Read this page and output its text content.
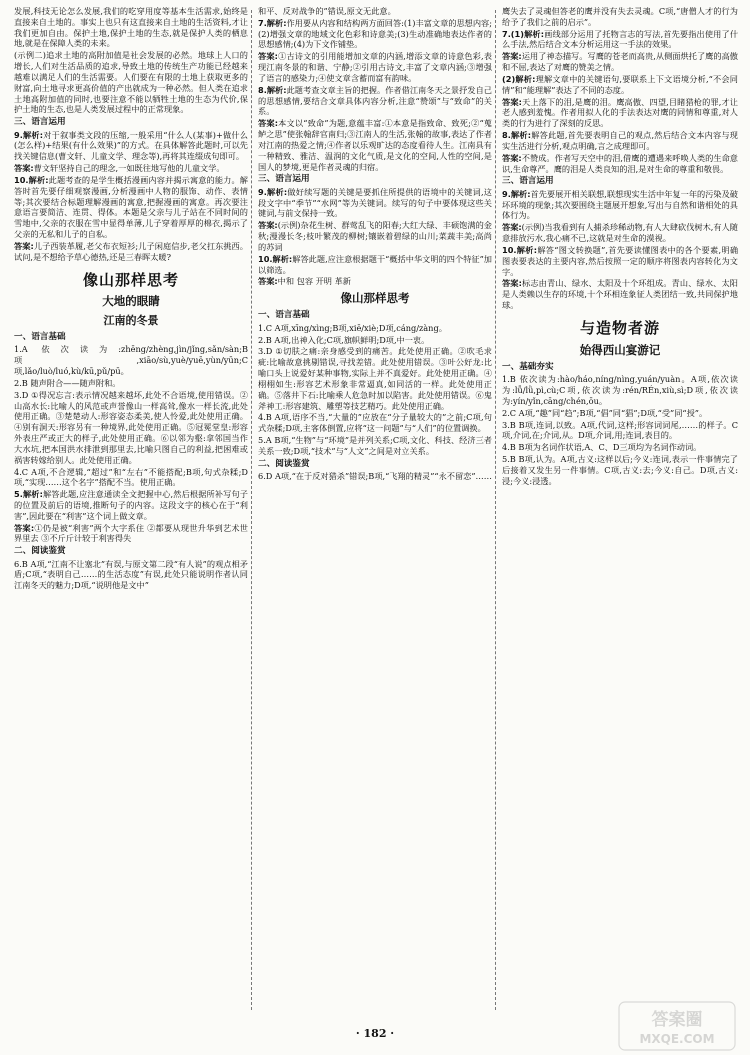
发展,科技无论怎么发展,我们的吃穿用度等基本生活需求,始终是直接来自土地的。事实上也只有这直接来自土地的生活资料,才让我们更加自由。保护土地,保护土地的生态,就是保护人类的栖息地,就是在保障人类的未来。

(示例二)追求土地的高附加值是社会发展的必然。地球上人口的增长,人们对生活品质的追求,导致土地的传统生产功能已经越来越难以满足人们的生活需要。人们要在有限的土地上获取更多的财富,向土地寻求更高价值的产出就成为一种必然。但人类在追求土地高附加值的同时,也要注意不能以牺牲土地的生态为代价,保护土地的生态,也是人类发展过程中的正常现象。

三、语言运用

9.解析:对于叙事类文段的压缩,一般采用“什么人(某事)+做什么(怎么样)+结果(有什么效果)”的方式。在具体解答此题时,可以先找关键信息(曹文轩、儿童文学、理念等),再将其连缀成句即可。

答案:曹文轩坚持自己的理念,一如既往地写他的儿童文学。

10.解析:此题考查的是学生概括漫画内容并揭示寓意的能力。解答时首先要仔细观察漫画,分析漫画中人物的服饰、动作、表情等;其次要结合标题理解漫画的寓意,把握漫画的寓意。再次要注意语言要简洁、连贯、得体。本题是父亲与儿子站在不同时间的雪地中,父亲的衣服在雪中显得单薄,儿子穿着厚厚的棉衣,揭示了父亲的无私和儿子的自私。

答案:儿子西装革履,老父布衣短衫;儿子闲庭信步,老父扛东挑西。试问,是不想给予草心德热,还是三春晖太暖?

像山那样思考
大地的眼睛
江南的冬景
一、语言基础

1.A 依次读为:zhēng/zhèng,jìn/jǐng,sǎn/sàn;B项,xiāo/sù,yuè/yuē,yùn/yūn;C项,lǎo/luò/luó,kù/kū,pǔ/pū。

2.B 随声附合——随声附和。

3.D ①得况忘言:表示情况越来越坏,此处不合语境,使用错误。②山高水长:比喻人的风范或声誉像山一样高耸,像水一样长流,此处使用正确。③楚楚动人:形容姿态柔美,使人怜爱,此处使用正确。④别有洞天:形容另有一种境界,此处使用正确。⑤冠冕堂皇:形容外表庄严或正大的样子,此处使用正确。⑥以邻为壑:拿邻国当作大水坑,把本国洪水排泄到那里去,比喻只图自己的利益,把困难或祸害转嫁给别人。此处使用正确。

4.C A项,不合逻辑,“超过”和“左右”不能搭配;B项,句式杂糅;D项,“实现……这个名字”搭配不当。使用正确。

5.解析:解答此题,应注意通读全文把握中心,然后根据所补写句子的位置及前后的语境,推断句子的内容。这段文字的核心在于“利害”,因此要在“利害”这个词上做文章。

答案:①仍是被“利害”两个大字系住 ②都要从现世升华到艺术世界里去 ③不斤斤计较于利害得失

二、阅读鉴赏

6.B A项,“江南不让塞北”有误,与原文第二段“有人说”的观点相矛盾;C项,“表明自己……的生活态度”有误,此处只能说明作者认同江南冬天的魅力;D项,“说明他是文中”

和平、反对战争的”错误,原文无此意。

7.解析:作用要从内容和结构两方面回答:(1)丰富文章的思想内容;(2)增强文章的地域文化色彩和诗意美;(3)生动准确地表达作者的思想感情;(4)为下文作铺垫。

答案:①古诗文的引用能增加文章的内涵,增添文章的诗意色彩,表现江南冬景的和谐、宁静;②引用古诗文,丰富了文章内涵;③增强了语言的感染力;④使文章含蓄而富有韵味。

8.解析:此题考查文章主旨的把握。作者借江南冬天之景抒发自己的思想感情,要结合文章具体内容分析,注意“赞颂”与“致命”的关系。

答案:本文以“致命”为题,意蕴丰富:①本意是指致命、致死;②“蒐鲈之思”使张翰辞官南归;③江南人的生活,张翰的故事,表达了作者对江南的热爱之情;④作者以乐观旷达的态度看待人生。江南具有一种精致、雅洁、温润的文化气质,是文化的空间,人性的空间,是国人的梦境,更是作者灵魂的归宿。

三、语言运用

9.解析:做好续写题的关键是要抓住所提供的语境中的关键词,这段文字中“季节”“水网”等为关键词。续写的句子中要体现这些关键词,与前文保持一致。

答案:(示例)杂花生树、群莺乱飞的阳春;大红大绿、丰硕饱满的金秋;漫漫长冬;枝叶繁茂的柳树;镶嵌着碧绿的山川;菜蔬丰美;高尚的苏词

10.解析:解答此题,应注意根据题干“概括中华文明的四个特征”加以筛选。

答案:中和 包容 开明 革新

像山那样思考
一、语言基础

1.C A项,xīng/xìng;B项,xiē/xiè;D项,cáng/zàng。

2.B A项,出神入化;C项,旗帜鲜明;D项,中一衷。

3.D ①切肤之痛:亲身感受到的痛苦。此处使用正确。②吹毛求疵:比喻故意挑剔错误,寻找差错。此处使用错误。③叶公好龙:比喻口头上说爱好某种事物,实际上并不真爱好。此处使用正确。④栩栩如生:形容艺术形象非常逼真,如同活的一样。此处使用正确。⑤落井下石:比喻乘人危急时加以陷害。此处使用错误。⑥鬼斧神工:形容建筑、雕塑等技艺精巧。此处使用正确。

4.B A项,语序不当,“大量的”应放在“分子量较大的”之前;C项,句式杂糅;D项,主客体倒置,应将“这一问题”与“人们”的位置调换。

5.A B项,“生物”与“环境”是并列关系;C项,文化、科技、经济三者关系一致;D项,“技术”与“人文”之间是对立关系。

二、阅读鉴赏

6.D A项,“在于反对猎杀”错误;B项,“飞翔的精灵”“永不留恋”……

鹰失去了灵魂但答老的鹰并没有失去灵魂。C项,“唐僧人才的行为给予了我们之前的启示”。

7.(1)解析:画线部分运用了托物言志的写法,首先要指出使用了什么手法,然后结合文本分析运用这一手法的效果。

答案:运用了神态描写。写鹰的苍老而高贵,从侧面烘托了鹰的高傲和不屈,表达了对鹰的赞美之情。

(2)解析:理解文章中的关键语句,要联系上下文语境分析,“不会同情”和“能理解”表达了不同的态度。

答案:天上落下的泪,是鹰的泪。鹰高傲、四望,目睹猎枪的罪,才让老人感到羞愧。作者用拟人化的手法表达对鹰的同情和尊重,对人类的行为进行了深刻的反思。

8.解析:解答此题,首先要表明自己的观点,然后结合文本内容与现实生活进行分析,观点明确,言之成理即可。

答案:不赞成。作者写天空中的泪,借鹰的遭遇来呼唤人类的生命意识,生命尊严。鹰的泪是人类良知的泪,是对生命的尊重和敬畏。

三、语言运用

9.解析:首先要展开相关联想,联想现实生活中年复一年的污染及破坏环境的现象;其次要围绕主题展开想象,写出与自然和谐相处的具体行为。

答案:(示例)当我看到有人捕杀珍稀动物,有人大肆砍伐树木,有人随意排放污水,我心痛不已,这就是对生命的漠视。

10.解析:解答“图文转换题”,首先要读懂图表中的各个要素,明确图表要表达的主要内容,然后按照一定的顺序将图表内容转化为文字。

答案:标志由青山、绿水、太阳及十个环组成。青山、绿水、太阳是人类赖以生存的环境,十个环相连象征人类团结一致,共同保护地球。

与造物者游
始得西山宴游记
一、基础夯实

1.B 依次读为:hào/háo,níng/nìng,yuán/yuàn。A项,依次读为:lǚ/lǜ,pì,cù;C项,依次读为:rén/RÉn,xiù,sì;D项,依次读为:yín/yǐn,cāng/chén,ōu。

2.C A项,“趣”同“趋”;B项,“倡”同“猖”;D项,“受”同“授”。

3.B B项,连词,以致。A项,代词,这样;形容词词尾,……的样子。C项,介词,在;介词,从。D项,介词,用;连词,表目的。

4.B B项为名词作状语,A、C、D三项均为名词作动词。

5.B B项,认为。A项,古义:这样以后;今义:连词,表示一件事情完了后接着又发生另一件事情。C项,古义:去;今义:自己。D项,古义:浸;今义:浸透。

· 182 ·
答案圈
MXQE.COM
